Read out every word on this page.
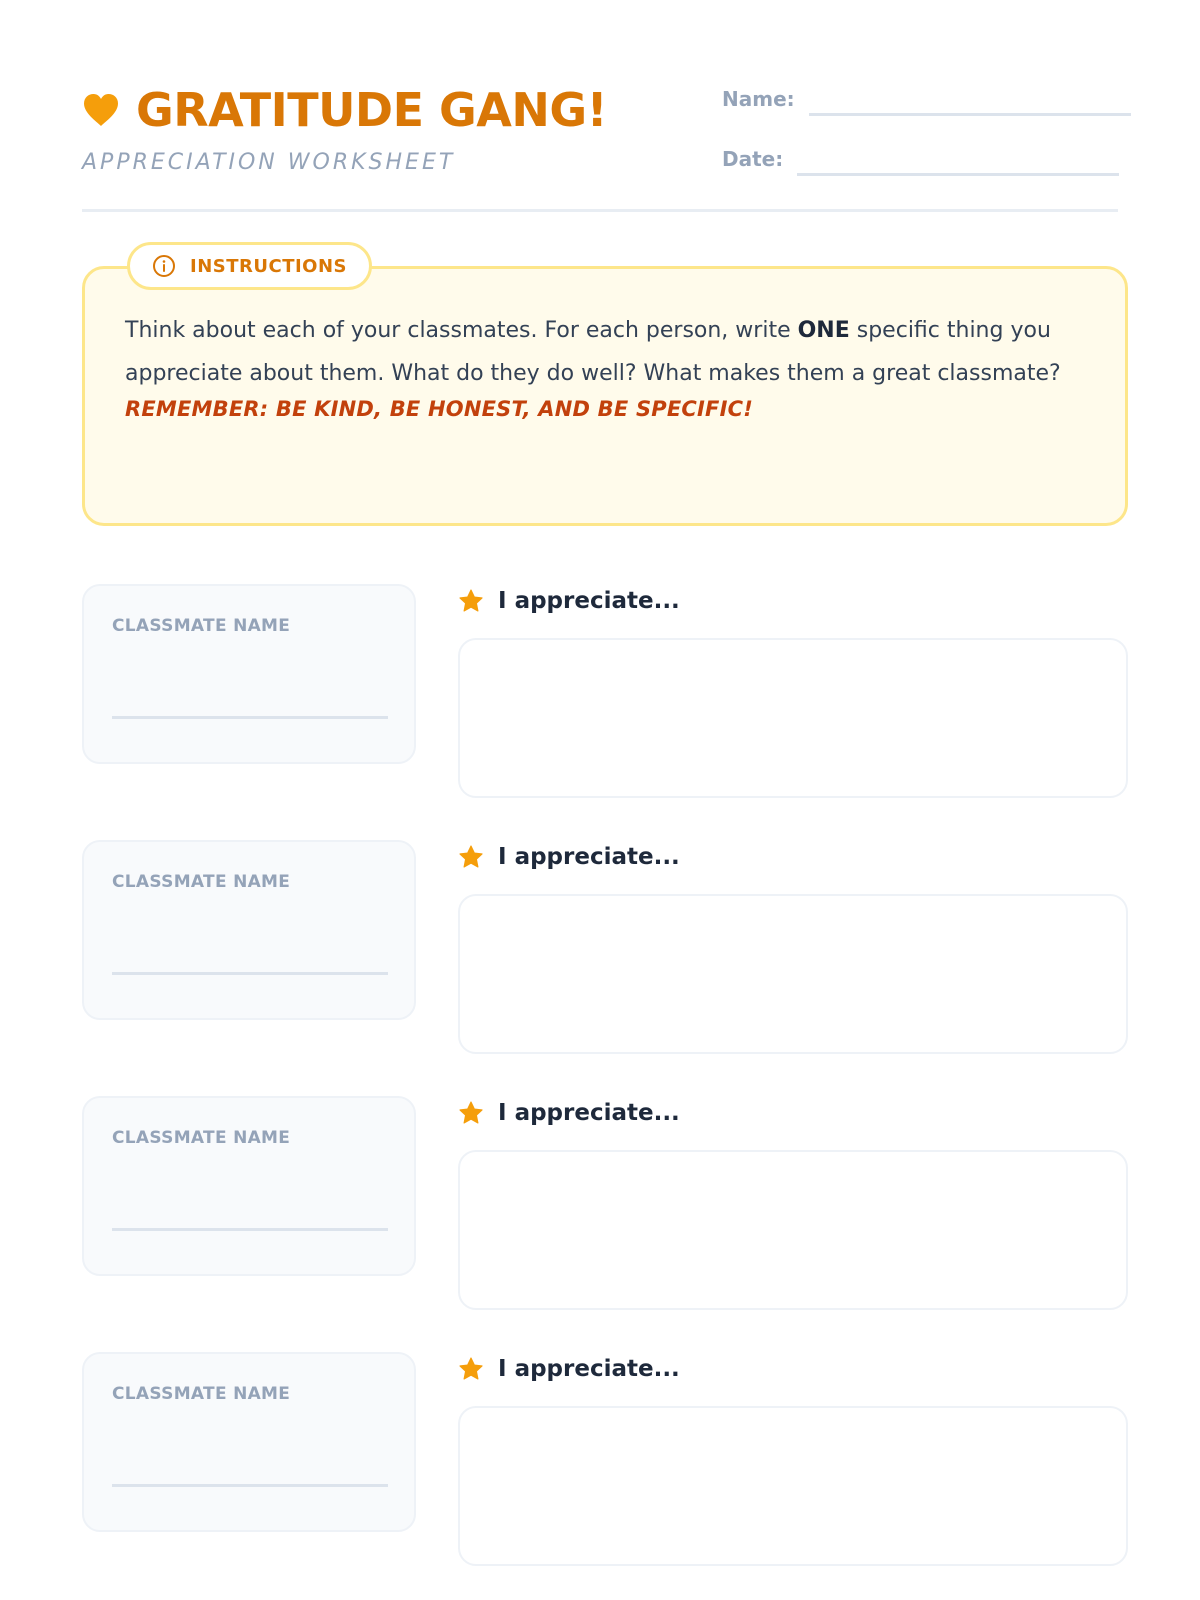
GRATITUDE GANG!
APPRECIATION WORKSHEET
Name:
Date:
INSTRUCTIONS

Think about each of your classmates. For each person, write ONE specific thing you appreciate about them. What do they do well? What makes them a great classmate?

REMEMBER: BE KIND, BE HONEST, AND BE SPECIFIC!

CLASSMATE NAME
I appreciate...
CLASSMATE NAME
I appreciate...
CLASSMATE NAME
I appreciate...
CLASSMATE NAME
I appreciate...
